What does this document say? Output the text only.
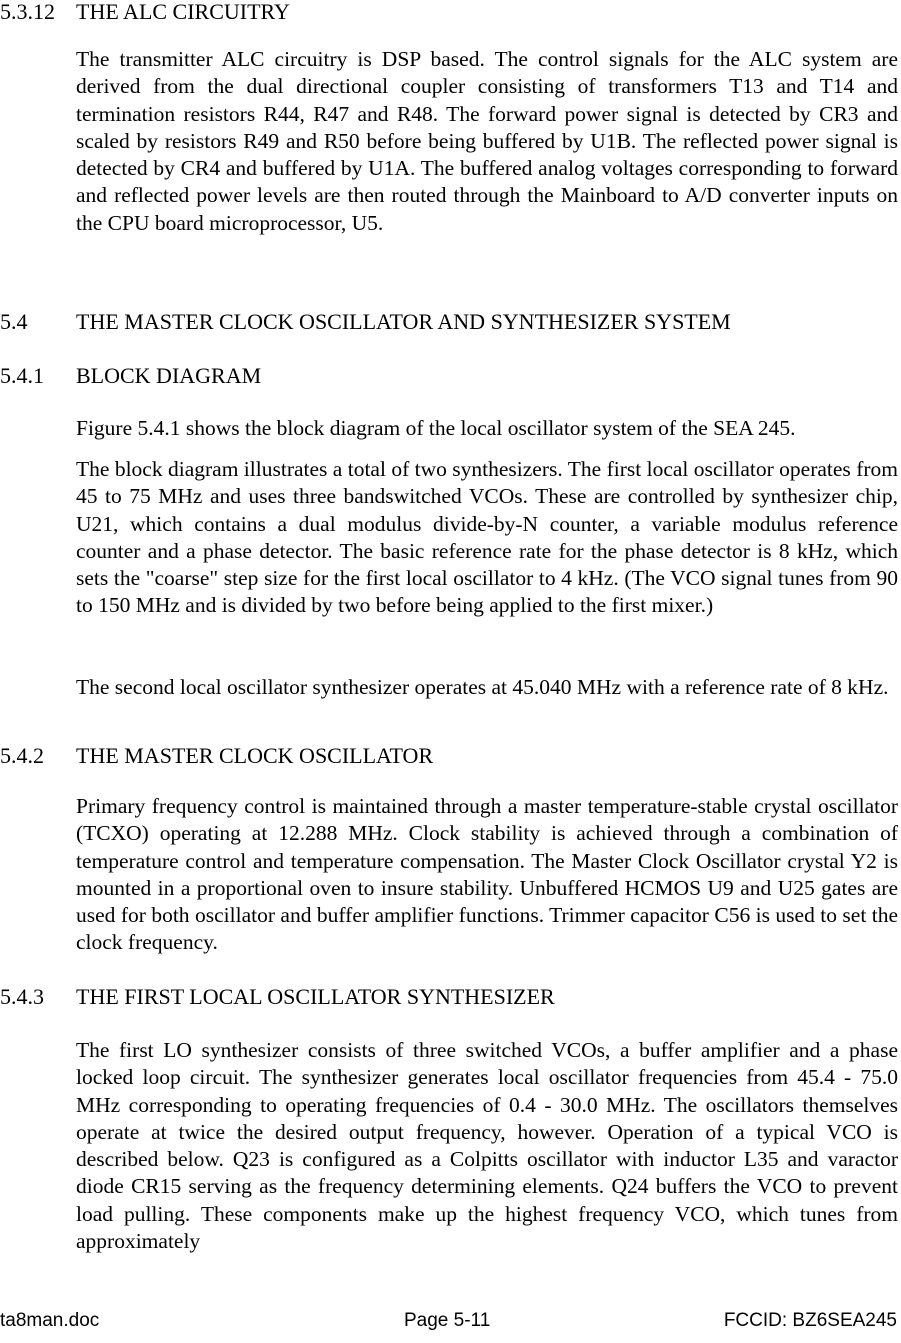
5.3.12 THE ALC CIRCUITRY

The transmitter ALC circuitry is DSP based. The control signals for the ALC system are derived from the dual directional coupler consisting of transformers T13 and T14 and termination resistors R44, R47 and R48. The forward power signal is detected by CR3 and scaled by resistors R49 and R50 before being buffered by U1B. The reflected power signal is detected by CR4 and buffered by U1A. The buffered analog voltages corresponding to forward and reflected power levels are then routed through the Mainboard to A/D converter inputs on the CPU board microprocessor, U5.

5.4 THE MASTER CLOCK OSCILLATOR AND SYNTHESIZER SYSTEM
5.4.1 BLOCK DIAGRAM

Figure 5.4.1 shows the block diagram of the local oscillator system of the SEA 245.

The block diagram illustrates a total of two synthesizers. The first local oscillator operates from 45 to 75 MHz and uses three bandswitched VCOs. These are controlled by synthesizer chip, U21, which contains a dual modulus divide-by-N counter, a variable modulus reference counter and a phase detector. The basic reference rate for the phase detector is 8 kHz, which sets the "coarse" step size for the first local oscillator to 4 kHz. (The VCO signal tunes from 90 to 150 MHz and is divided by two before being applied to the first mixer.)

The second local oscillator synthesizer operates at 45.040 MHz with a reference rate of 8 kHz.

5.4.2 THE MASTER CLOCK OSCILLATOR

Primary frequency control is maintained through a master temperature-stable crystal oscillator (TCXO) operating at 12.288 MHz. Clock stability is achieved through a combination of temperature control and temperature compensation. The Master Clock Oscillator crystal Y2 is mounted in a proportional oven to insure stability. Unbuffered HCMOS U9 and U25 gates are used for both oscillator and buffer amplifier functions. Trimmer capacitor C56 is used to set the clock frequency.

5.4.3 THE FIRST LOCAL OSCILLATOR SYNTHESIZER

The first LO synthesizer consists of three switched VCOs, a buffer amplifier and a phase locked loop circuit. The synthesizer generates local oscillator frequencies from 45.4 - 75.0 MHz corresponding to operating frequencies of 0.4 - 30.0 MHz. The oscillators themselves operate at twice the desired output frequency, however. Operation of a typical VCO is described below. Q23 is configured as a Colpitts oscillator with inductor L35 and varactor diode CR15 serving as the frequency determining elements. Q24 buffers the VCO to prevent load pulling. These components make up the highest frequency VCO, which tunes from approximately

ta8man.doc	Page 5-11	FCCID: BZ6SEA245
